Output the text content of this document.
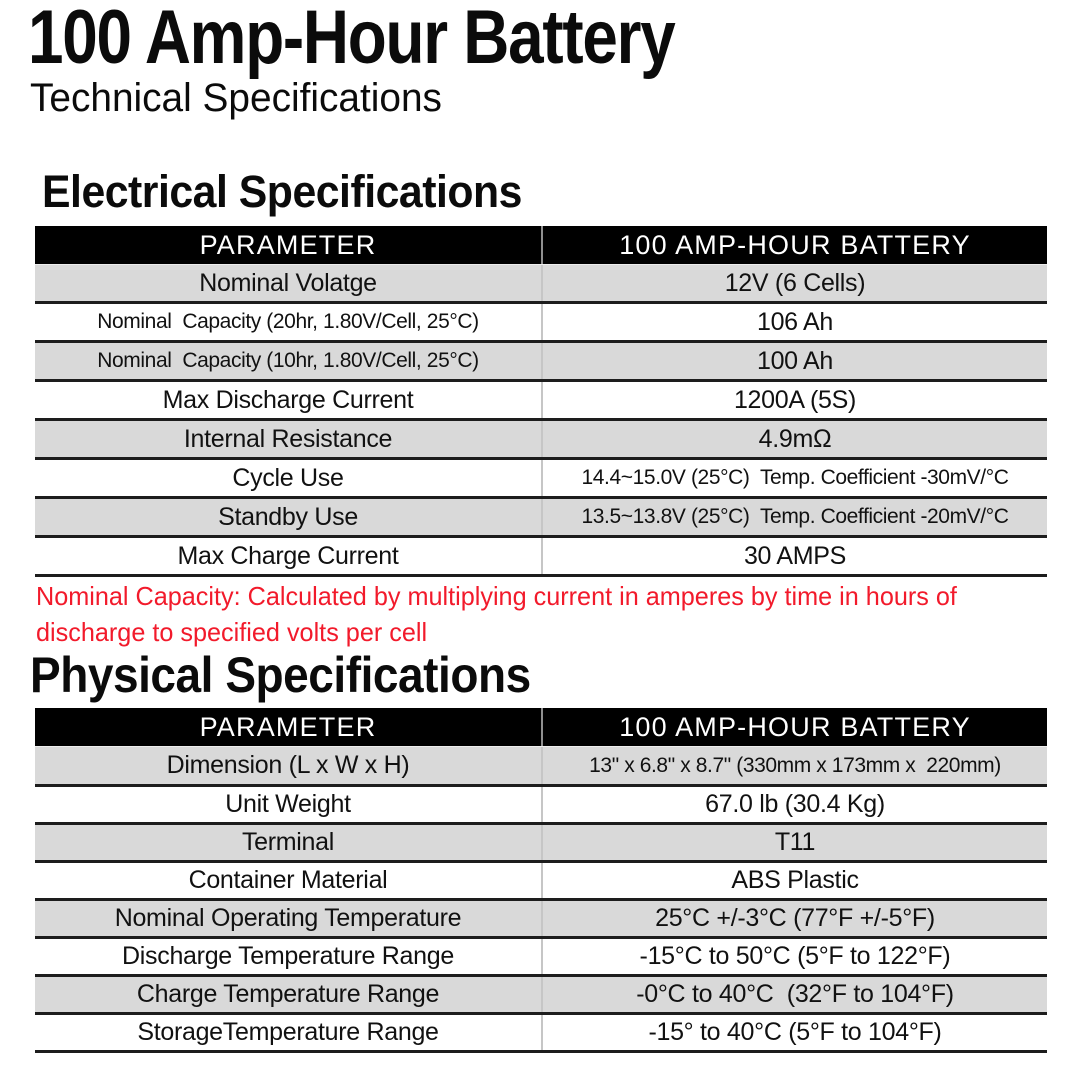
100 Amp-Hour Battery
Technical Specifications
Electrical Specifications
PARAMETER	100 AMP-HOUR BATTERY
Nominal Volatge	12V (6 Cells)
Nominal  Capacity (20hr, 1.80V/Cell, 25°C)	106 Ah
Nominal  Capacity (10hr, 1.80V/Cell, 25°C)	100 Ah
Max Discharge Current	1200A (5S)
Internal Resistance	4.9mΩ
Cycle Use	14.4~15.0V (25°C)  Temp. Coefficient -30mV/°C
Standby Use	13.5~13.8V (25°C)  Temp. Coefficient -20mV/°C
Max Charge Current	30 AMPS
Nominal Capacity: Calculated by multiplying current in amperes by time in hours of discharge to specified volts per cell
Physical Specifications
PARAMETER	100 AMP-HOUR BATTERY
Dimension (L x W x H)	13" x 6.8" x 8.7" (330mm x 173mm x  220mm)
Unit Weight	67.0 lb (30.4 Kg)
Terminal	T11
Container Material	ABS Plastic
Nominal Operating Temperature	25°C +/-3°C (77°F +/-5°F)
Discharge Temperature Range	-15°C to 50°C (5°F to 122°F)
Charge Temperature Range	-0°C to 40°C  (32°F to 104°F)
StorageTemperature Range	-15° to 40°C (5°F to 104°F)
